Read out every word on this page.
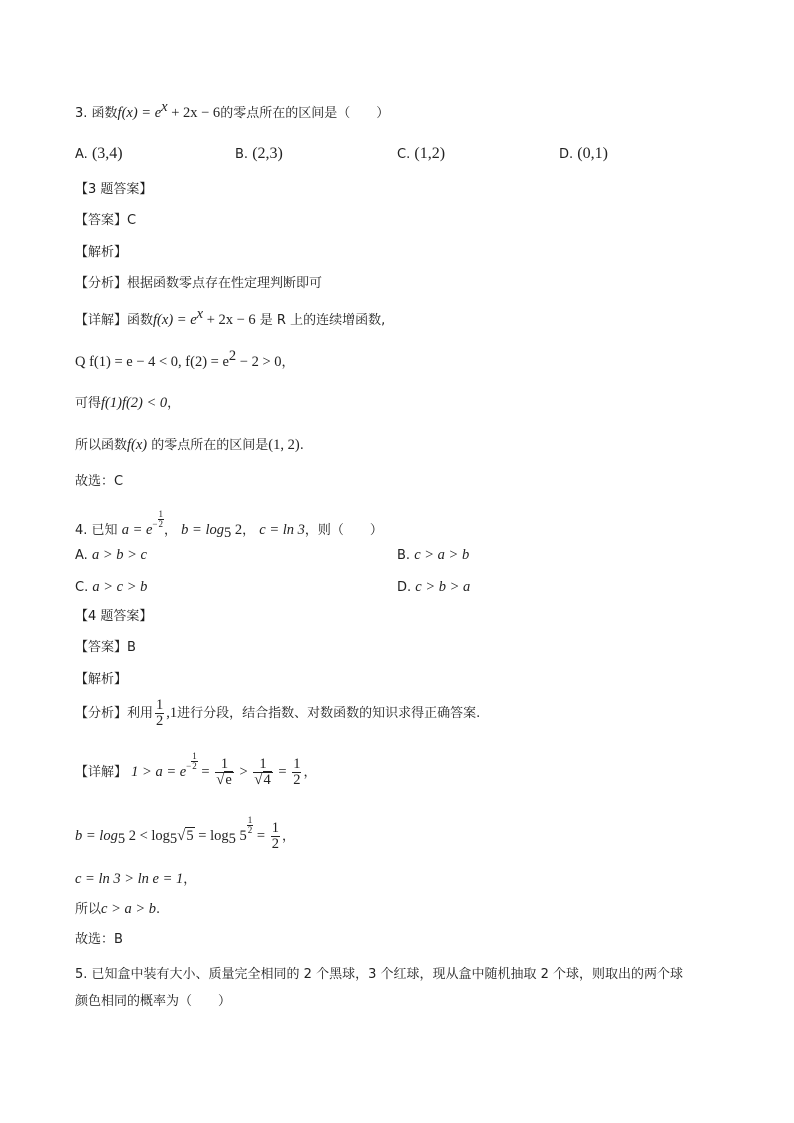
3. 函数$f(x) = e^x + 2x - 6$的零点所在的区间是（　　）
A. (3,4)	B. (2,3)	C. (1,2)	D. (0,1)
【3 题答案】
【答案】C
【解析】
【分析】根据函数零点存在性定理判断即可
【详解】函数$f(x) = e^x + 2x - 6$ 是 R 上的连续增函数,
Q f(1) = e − 4 < 0, $f(2) = e^2 - 2 > 0$，
可得f(1)f(2) < 0，
所以函数f(x) 的零点所在的区间是(1, 2).
故选：C
4. 已知 $a = e- \frac{1}{2}$
， $b = \log_5 2$， c = ln 3，则（　　）
A. a > b > c	B. c > a > b
C. a > c > b	D. c > b > a
【4 题答案】
【答案】B
【解析】
【分析】利用 $\frac{1}{2} ,1$进行分段，结合指数、对数函数的知识求得正确答案.
【详解】 $1 > a = e- \frac{1}{2}$
= $\frac{1}{√e} > \frac{1}{√4} = \frac{1}{2}$ ，
$b = \log_5 2 < \log_5√5 = \log_5 5$
$\frac{1}{2}$
= $\frac{1}{2}$ ，
c = ln 3 > ln e = 1，
所以c > a > b.
故选：B
5. 已知盒中装有大小、质量完全相同的 2 个黑球，3 个红球，现从盒中随机抽取 2 个球，则取出的两个球
颜色相同的概率为（　　）
